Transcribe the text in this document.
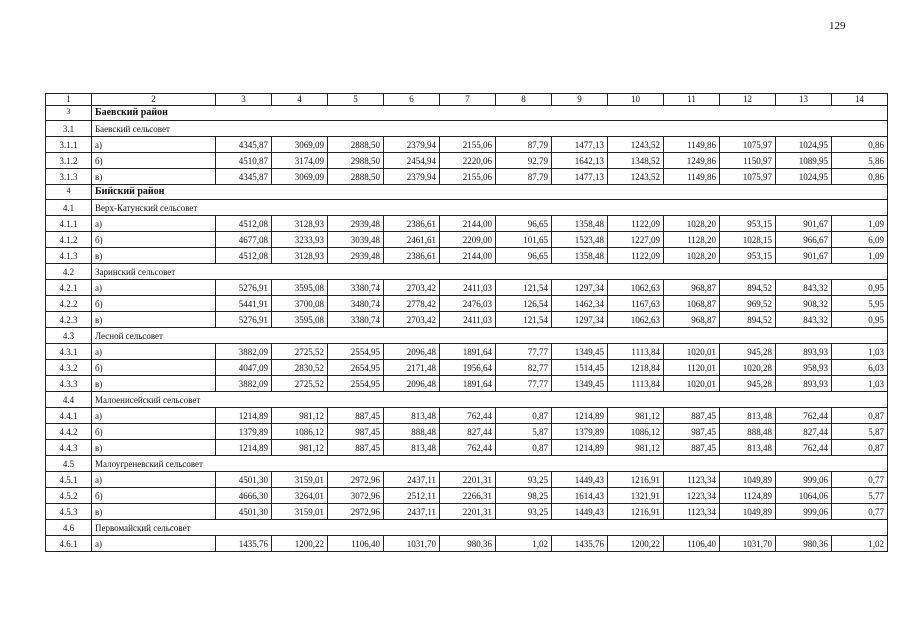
129
1	2	3	4	5	6	7	8	9	10	11	12	13	14
3	Баевский район												
3.1	Баевский сельсовет												
3.1.1	а)	4345,87	3069,09	2888,50	2379,94	2155,06	87,79	1477,13	1243,52	1149,86	1075,97	1024,95	0,86
3.1.2	б)	4510,87	3174,09	2988,50	2454,94	2220,06	92,79	1642,13	1348,52	1249,86	1150,97	1089,95	5,86
3.1.3	в)	4345,87	3069,09	2888,50	2379,94	2155,06	87,79	1477,13	1243,52	1149,86	1075,97	1024,95	0,86
4	Бийский район												
4.1	Верх-Катунский сельсовет												
4.1.1	а)	4512,08	3128,93	2939,48	2386,61	2144,00	96,65	1358,48	1122,09	1028,20	953,15	901,67	1,09
4.1.2	б)	4677,08	3233,93	3039,48	2461,61	2209,00	101,65	1523,48	1227,09	1128,20	1028,15	966,67	6,09
4.1.3	в)	4512,08	3128,93	2939,48	2386,61	2144,00	96,65	1358,48	1122,09	1028,20	953,15	901,67	1,09
4.2	Заринский сельсовет												
4.2.1	а)	5276,91	3595,08	3380,74	2703,42	2411,03	121,54	1297,34	1062,63	968,87	894,52	843,32	0,95
4.2.2	б)	5441,91	3700,08	3480,74	2778,42	2476,03	126,54	1462,34	1167,63	1068,87	969,52	908,32	5,95
4.2.3	в)	5276,91	3595,08	3380,74	2703,42	2411,03	121,54	1297,34	1062,63	968,87	894,52	843,32	0,95
4.3	Лесной сельсовет												
4.3.1	а)	3882,09	2725,52	2554,95	2096,48	1891,64	77,77	1349,45	1113,84	1020,01	945,28	893,93	1,03
4.3.2	б)	4047,09	2830,52	2654,95	2171,48	1956,64	82,77	1514,45	1218,84	1120,01	1020,28	958,93	6,03
4.3.3	в)	3882,09	2725,52	2554,95	2096,48	1891,64	77,77	1349,45	1113,84	1020,01	945,28	893,93	1,03
4.4	Малоенисейский сельсовет												
4.4.1	а)	1214,89	981,12	887,45	813,48	762,44	0,87	1214,89	981,12	887,45	813,48	762,44	0,87
4.4.2	б)	1379,89	1086,12	987,45	888,48	827,44	5,87	1379,89	1086,12	987,45	888,48	827,44	5,87
4.4.3	в)	1214,89	981,12	887,45	813,48	762,44	0,87	1214,89	981,12	887,45	813,48	762,44	0,87
4.5	Малоугреневский сельсовет												
4.5.1	а)	4501,30	3159,01	2972,96	2437,11	2201,31	93,25	1449,43	1216,91	1123,34	1049,89	999,06	0,77
4.5.2	б)	4666,30	3264,01	3072,96	2512,11	2266,31	98,25	1614,43	1321,91	1223,34	1124,89	1064,06	5,77
4.5.3	в)	4501,30	3159,01	2972,96	2437,11	2201,31	93,25	1449,43	1216,91	1123,34	1049,89	999,06	0,77
4.6	Первомайский сельсовет												
4.6.1	а)	1435,76	1200,22	1106,40	1031,70	980,36	1,02	1435,76	1200,22	1106,40	1031,70	980,36	1,02
